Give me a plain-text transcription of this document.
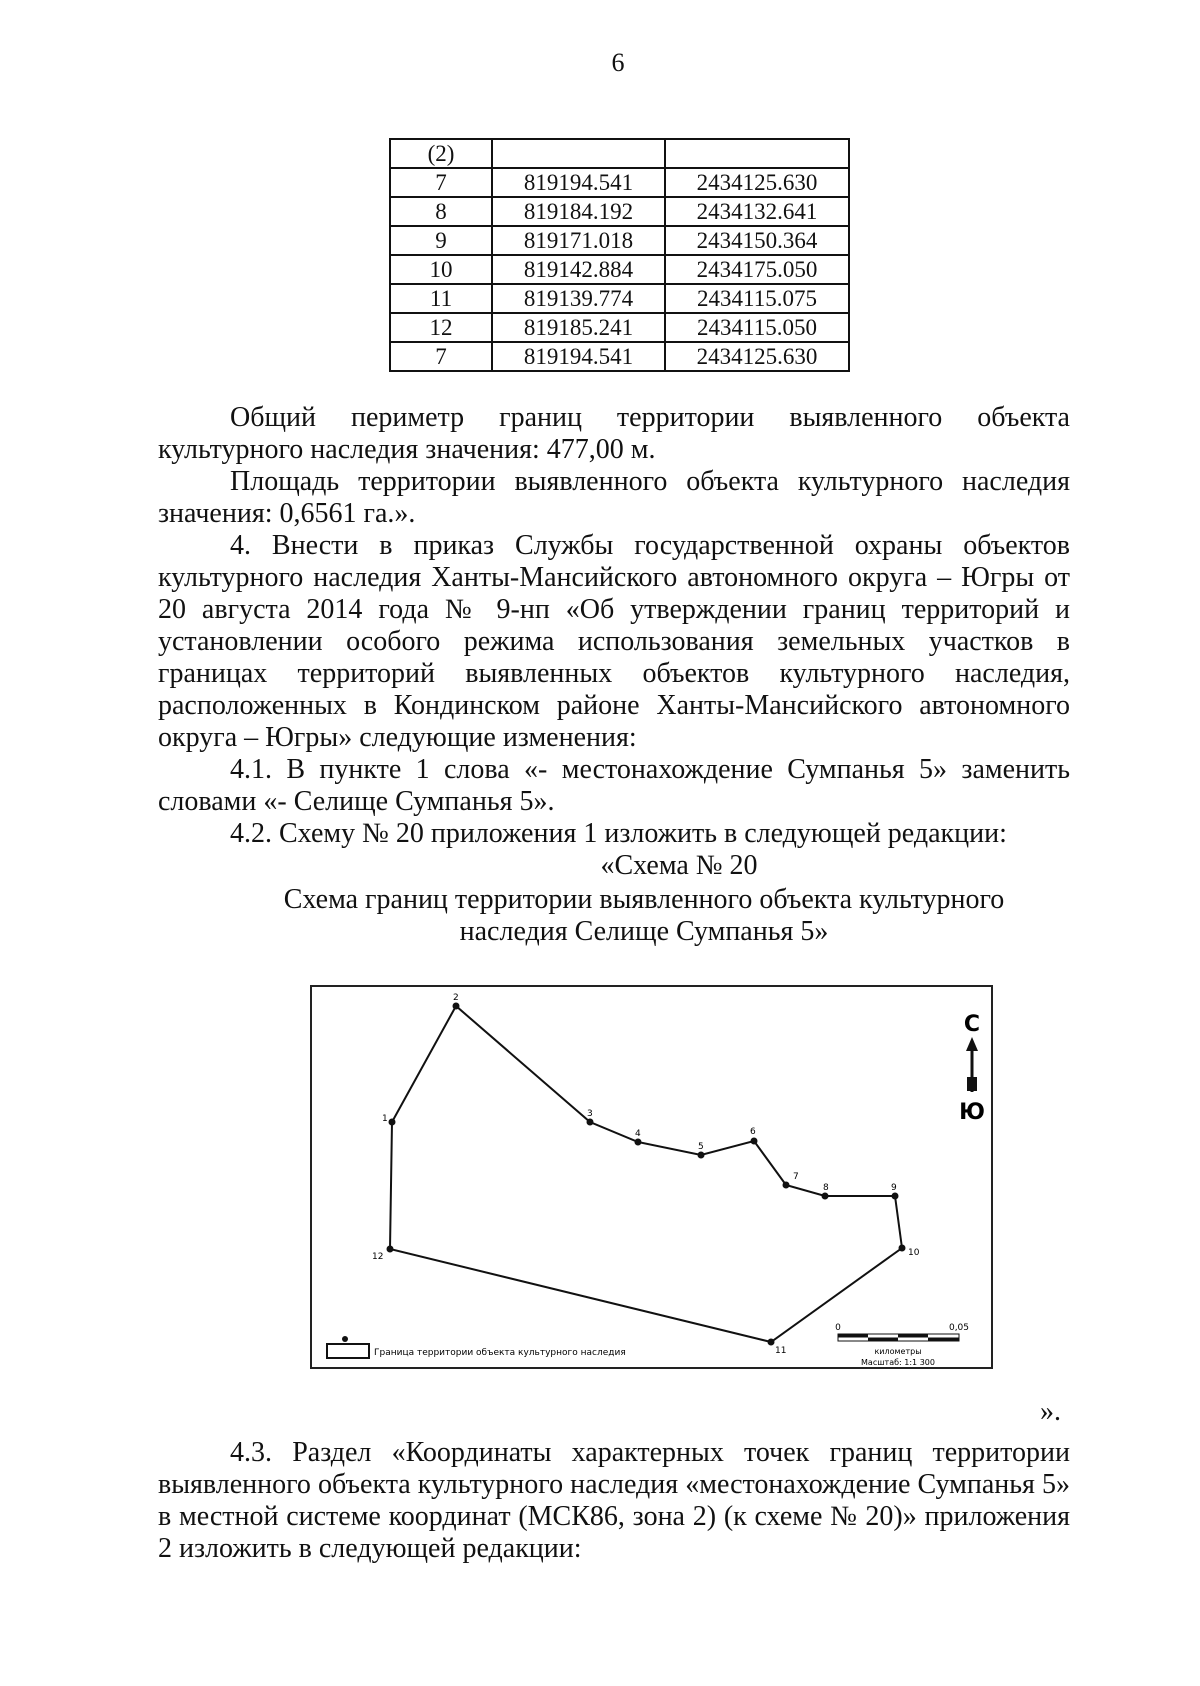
6
(2)		
7	819194.541	2434125.630
8	819184.192	2434132.641
9	819171.018	2434150.364
10	819142.884	2434175.050
11	819139.774	2434115.075
12	819185.241	2434115.050
7	819194.541	2434125.630

Общий периметр границ территории выявленного объекта культурного наследия значения: 477,00 м.

Площадь территории выявленного объекта культурного наследия значения: 0,6561 га.».

4. Внести в приказ Службы государственной охраны объектов культурного наследия Ханты-Мансийского автономного округа – Югры от 20 августа 2014 года № 9-нп «Об утверждении границ территорий и установлении особого режима использования земельных участков в границах территорий выявленных объектов культурного наследия, расположенных в Кондинском районе Ханты-Мансийского автономного округа – Югры» следующие изменения:

4.1. В пункте 1 слова «- местонахождение Сумпанья 5» заменить словами «- Селище Сумпанья 5».

4.2. Схему № 20 приложения 1 изложить в следующей редакции:

«Схема № 20

Схема границ территории выявленного объекта культурного

наследия Селище Сумпанья 5»

1
2
3
4
5
6
7
8	9
10
11
12
С
Ю
Граница территории объекта культурного наследия
0	0,05
километры
Масштаб: 1:1 300
».

4.3. Раздел «Координаты характерных точек границ территории выявленного объекта культурного наследия «местонахождение Сумпанья 5» в местной системе координат (МСК86, зона 2) (к схеме № 20)» приложения 2 изложить в следующей редакции:
